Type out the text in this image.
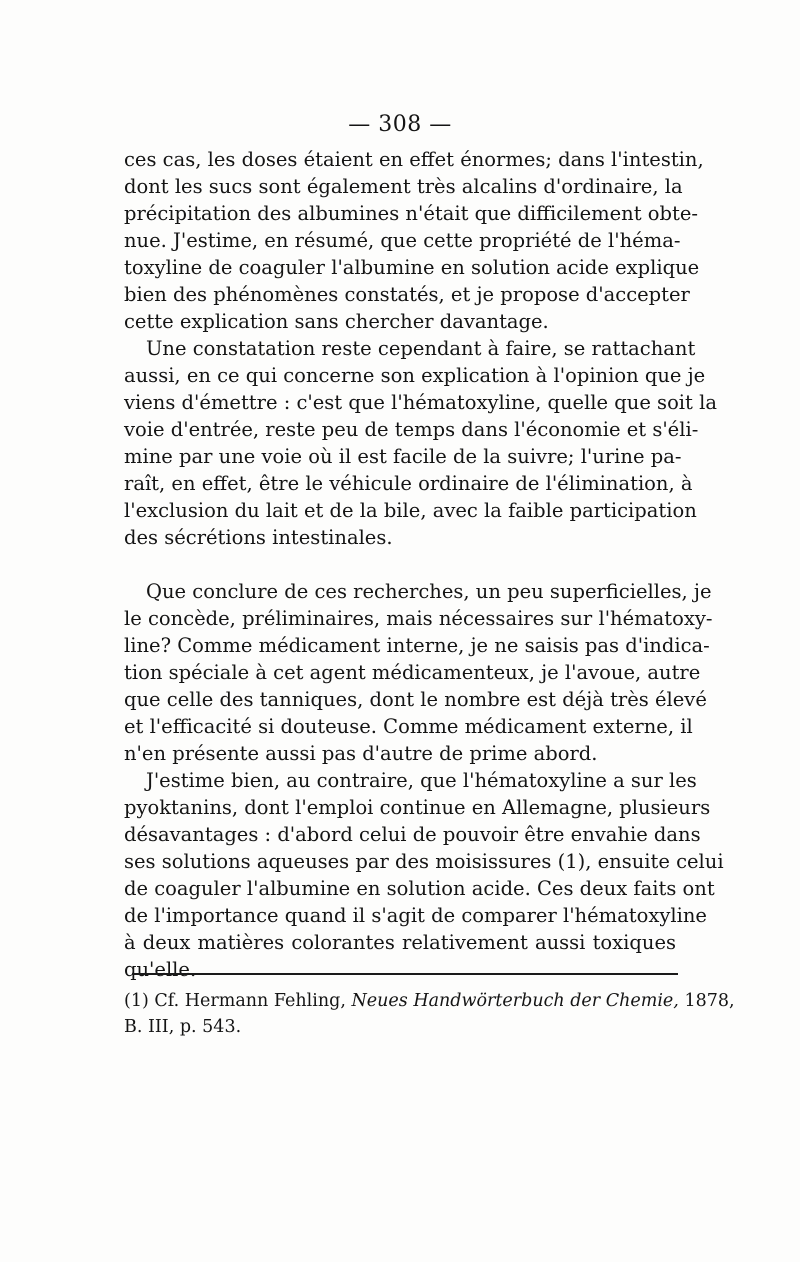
— 308 —
ces cas, les doses étaient en effet énormes; dans l'intestin,
dont les sucs sont également très alcalins d'ordinaire, la
précipitation des albumines n'était que difficilement obte-
nue. J'estime, en résumé, que cette propriété de l'héma-
toxyline de coaguler l'albumine en solution acide explique
bien des phénomènes constatés, et je propose d'accepter
cette explication sans chercher davantage.
Une constatation reste cependant à faire, se rattachant
aussi, en ce qui concerne son explication à l'opinion que je
viens d'émettre : c'est que l'hématoxyline, quelle que soit la
voie d'entrée, reste peu de temps dans l'économie et s'éli-
mine par une voie où il est facile de la suivre; l'urine pa-
raît, en effet, être le véhicule ordinaire de l'élimination, à
l'exclusion du lait et de la bile, avec la faible participation
des sécrétions intestinales.
Que conclure de ces recherches, un peu superficielles, je
le concède, préliminaires, mais nécessaires sur l'hématoxy-
line? Comme médicament interne, je ne saisis pas d'indica-
tion spéciale à cet agent médicamenteux, je l'avoue, autre
que celle des tanniques, dont le nombre est déjà très élevé
et l'efficacité si douteuse. Comme médicament externe, il
n'en présente aussi pas d'autre de prime abord.
J'estime bien, au contraire, que l'hématoxyline a sur les
pyoktanins, dont l'emploi continue en Allemagne, plusieurs
désavantages : d'abord celui de pouvoir être envahie dans
ses solutions aqueuses par des moisissures (1), ensuite celui
de coaguler l'albumine en solution acide. Ces deux faits ont
de l'importance quand il s'agit de comparer l'hématoxyline
à deux matières colorantes relativement aussi toxiques
qu'elle.
(1) Cf. Hermann Fehling, Neues Handwörterbuch der Chemie, 1878,
B. III, p. 543.
